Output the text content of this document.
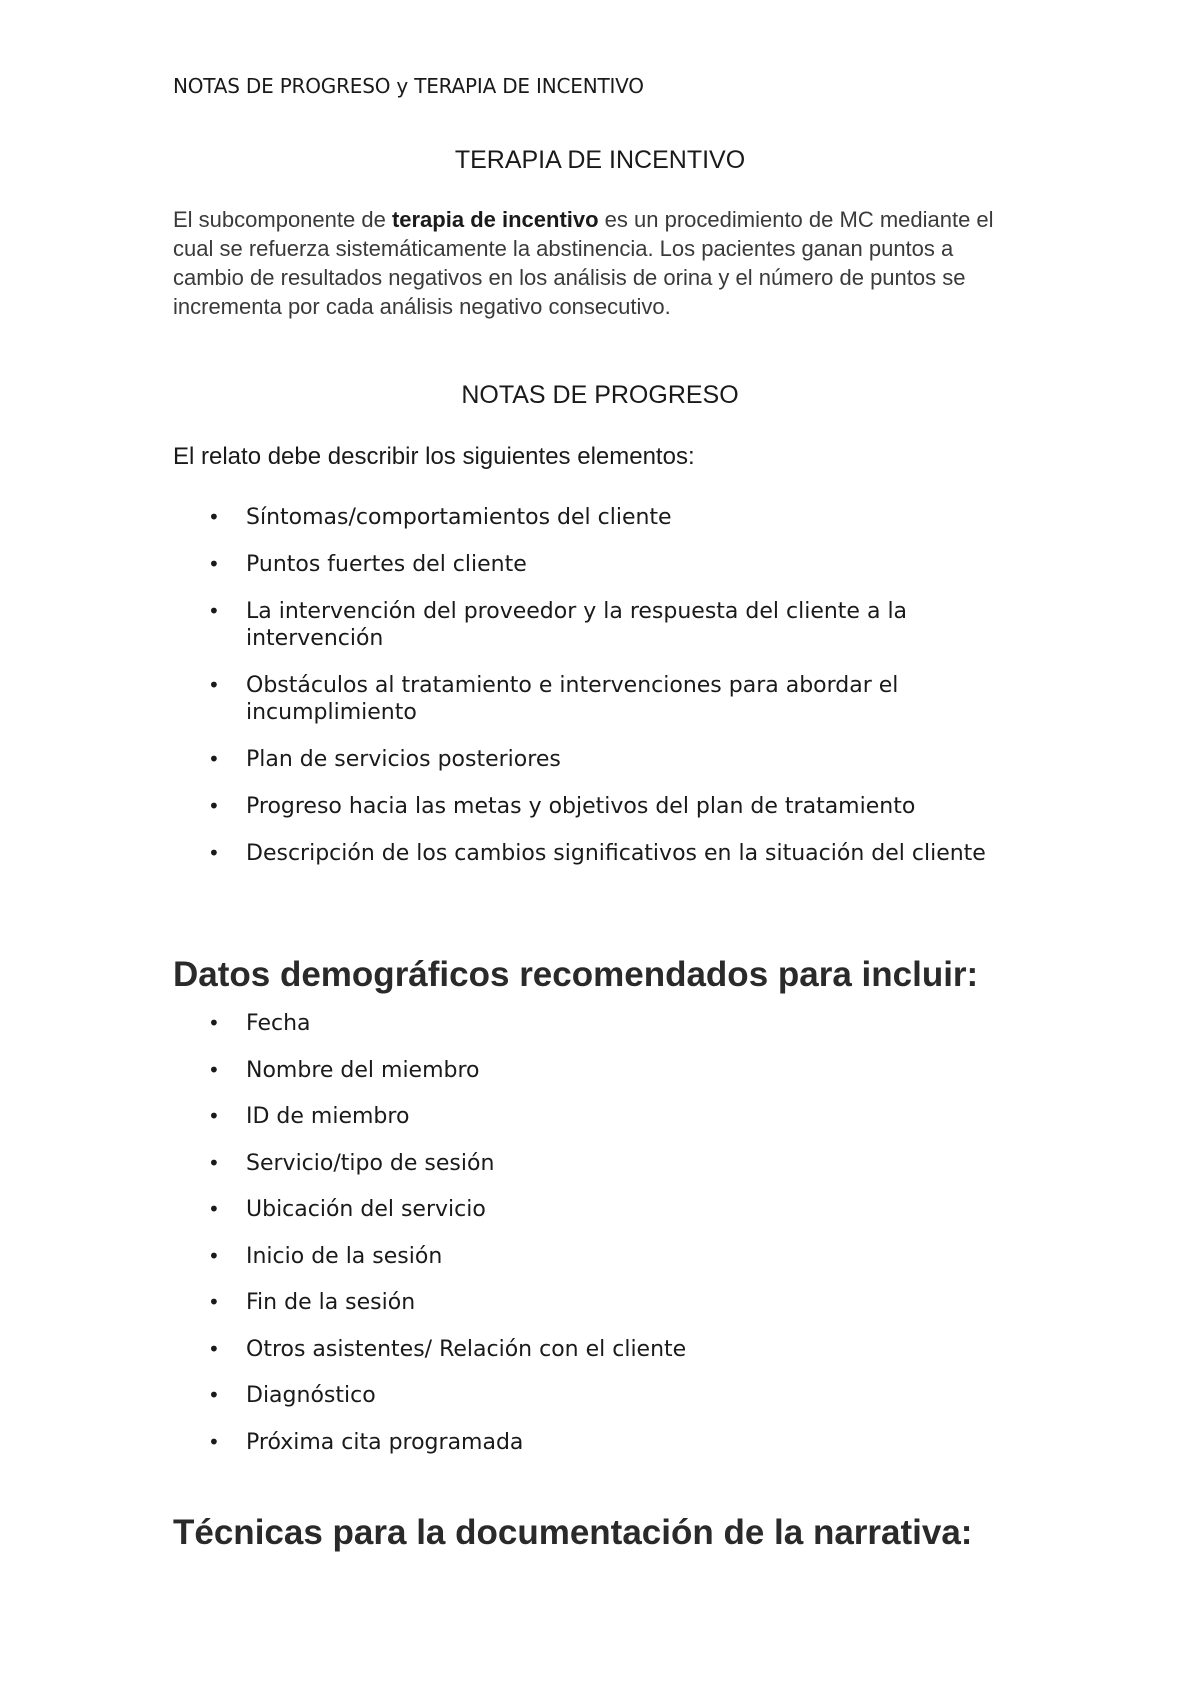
NOTAS DE PROGRESO y TERAPIA DE INCENTIVO
TERAPIA DE INCENTIVO
El subcomponente de terapia de incentivo es un procedimiento de MC mediante el cual se refuerza sistemáticamente la abstinencia. Los pacientes ganan puntos a cambio de resultados negativos en los análisis de orina y el número de puntos se incrementa por cada análisis negativo consecutivo.
NOTAS DE PROGRESO
El relato debe describir los siguientes elementos:
• Síntomas/comportamientos del cliente
• Puntos fuertes del cliente
• La intervención del proveedor y la respuesta del cliente a la intervención
• Obstáculos al tratamiento e intervenciones para abordar el incumplimiento
• Plan de servicios posteriores
• Progreso hacia las metas y objetivos del plan de tratamiento
• Descripción de los cambios significativos en la situación del cliente
Datos demográficos recomendados para incluir:
• Fecha
• Nombre del miembro
• ID de miembro
• Servicio/tipo de sesión
• Ubicación del servicio
• Inicio de la sesión
• Fin de la sesión
• Otros asistentes/ Relación con el cliente
• Diagnóstico
• Próxima cita programada
Técnicas para la documentación de la narrativa:
